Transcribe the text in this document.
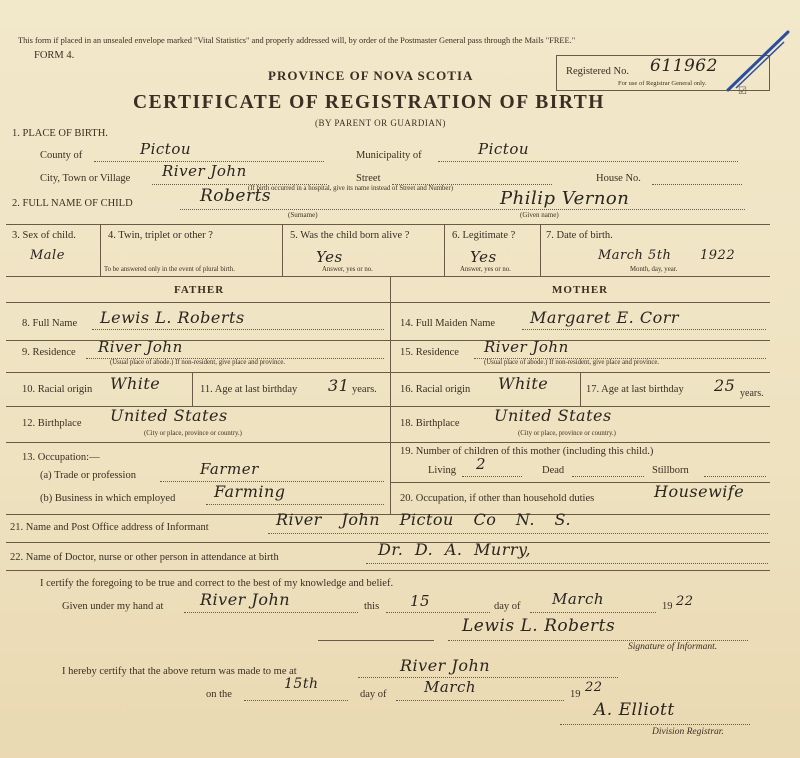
This form if placed in an unsealed envelope marked "Vital Statistics" and properly addressed will, by order of the Postmaster General pass through the Mails "FREE."
FORM 4.
PROVINCE OF NOVA SCOTIA
CERTIFICATE OF REGISTRATION OF BIRTH
(BY PARENT OR GUARDIAN)
Registered No. 611962
For use of Registrar General only.
☑
1. PLACE OF BIRTH.
County of	Pictou	Municipality of	Pictou
City, Town or Village River John	Street	House No.
(If birth occurred in a hospital, give its name instead of Street and Number)
2. FULL NAME OF CHILD	Roberts
(Surname)
Philip Vernon
(Given name)
3. Sex of child.
Male
4. Twin, triplet or other ?
To be answered only in the event of plural birth.
5. Was the child born alive ?
Yes
Answer, yes or no.
6. Legitimate ?
Yes
Answer, yes or no.
7. Date of birth.
March 5th 1922
Month, day, year.
FATHER	MOTHER
8. Full Name Lewis L. Roberts
9. Residence River John
(Usual place of abode.) If non-resident, give place and province.
10. Racial origin White	11. Age at last birthday 31 years.
12. Birthplace United States
(City or place, province or country.)
13. Occupation:—
(a) Trade or profession	Farmer
(b) Business in which employed Farming
14. Full Maiden Name Margaret E. Corr
15. Residence River John
(Usual place of abode.) If non-resident, give place and province.
16. Racial origin White	17. Age at last birthday 25 years.
18. Birthplace United States
(City or place, province or country.)
19. Number of children of this mother (including this child.)
Living 2	Dead	Stillborn
20. Occupation, if other than household duties	Housewife
21. Name and Post Office address of Informant	River John Pictou Co N. S.
22. Name of Doctor, nurse or other person in attendance at birth	Dr. D. A. Murry,
I certify the foregoing to be true and correct to the best of my knowledge and belief.
Given under my hand at River John	this 15	day of March	19 22
Lewis L. Roberts
Signature of Informant.
I hereby certify that the above return was made to me at	River John
on the
15th
day of March	19 22
A. Elliott
Division Registrar.
